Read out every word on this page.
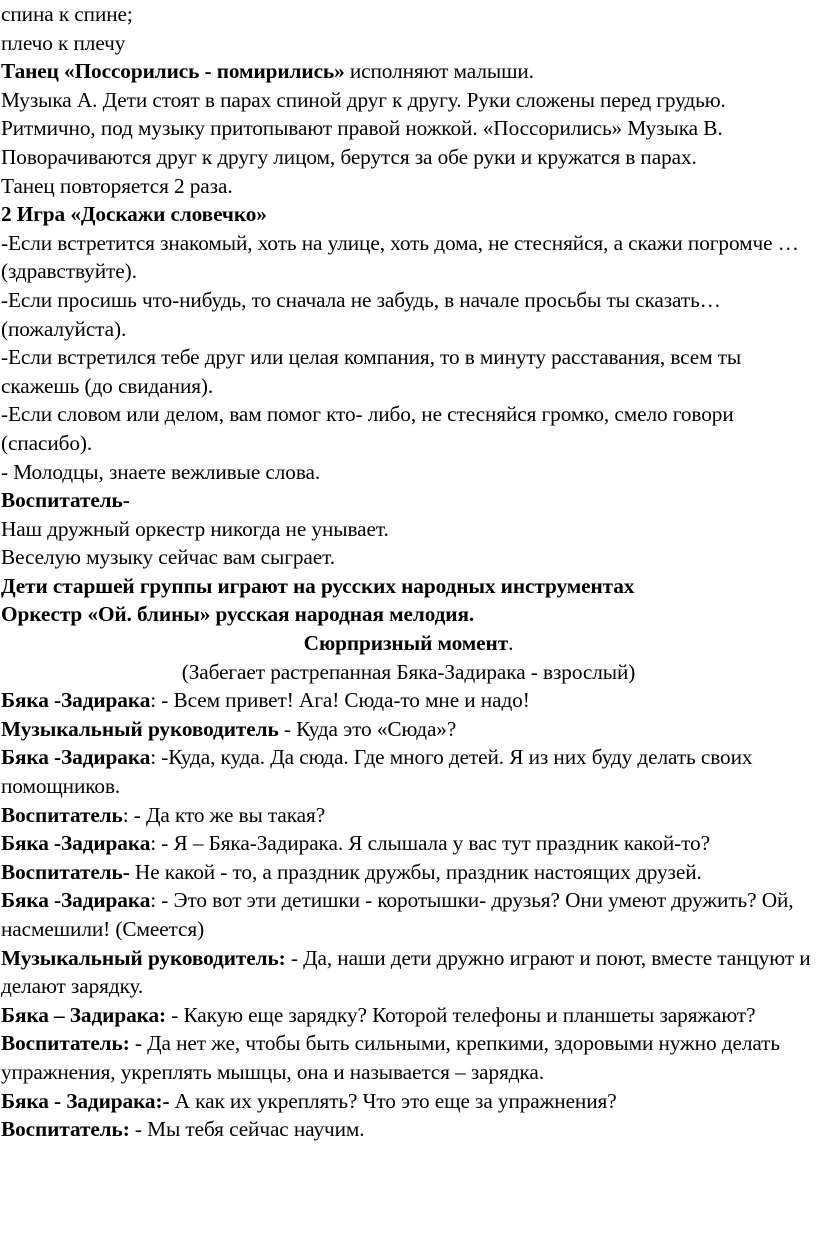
спина к спине;

плечо к плечу

Танец «Поссорились - помирились» исполняют малыши.

Музыка А. Дети стоят в парах спиной друг к другу. Руки сложены перед грудью. Ритмично, под музыку притопывают правой ножкой. «Поссорились» Музыка В. Поворачиваются друг к другу лицом, берутся за обе руки и кружатся в парах.

Танец повторяется 2 раза.

2 Игра «Доскажи словечко»

-Если встретится знакомый, хоть на улице, хоть дома, не стесняйся, а скажи погромче …(здравствуйте).

-Если просишь что-нибудь, то сначала не забудь, в начале просьбы ты сказать… (пожалуйста).

-Если встретился тебе друг или целая компания, то в минуту расставания, всем ты скажешь (до свидания).

-Если словом или делом, вам помог кто- либо, не стесняйся громко, смело говори (спасибо).

- Молодцы, знаете вежливые слова.

Воспитатель-

Наш дружный оркестр никогда не унывает.

Веселую музыку сейчас вам сыграет.

Дети старшей группы играют на русских народных инструментах

Оркестр «Ой. блины» русская народная мелодия.

Сюрпризный момент.

(Забегает растрепанная Бяка-Задирака - взрослый)

Бяка -Задирака: - Всем привет! Ага! Сюда-то мне и надо!

Музыкальный руководитель - Куда это «Сюда»?

Бяка -Задирака: -Куда, куда. Да сюда. Где много детей. Я из них буду делать своих помощников.

Воспитатель: - Да кто же вы такая?

Бяка -Задирака: - Я – Бяка-Задирака. Я слышала у вас тут праздник какой-то?

Воспитатель- Не какой - то, а праздник дружбы, праздник настоящих друзей.

Бяка -Задирака: - Это вот эти детишки - коротышки- друзья? Они умеют дружить? Ой, насмешили! (Смеется)

Музыкальный руководитель: - Да, наши дети дружно играют и поют, вместе танцуют и делают зарядку.

Бяка – Задирака: - Какую еще зарядку? Которой телефоны и планшеты заряжают?

Воспитатель: - Да нет же, чтобы быть сильными, крепкими, здоровыми нужно делать упражнения, укреплять мышцы, она и называется – зарядка.

Бяка - Задирака:- А как их укреплять? Что это еще за упражнения?

Воспитатель: - Мы тебя сейчас научим.
